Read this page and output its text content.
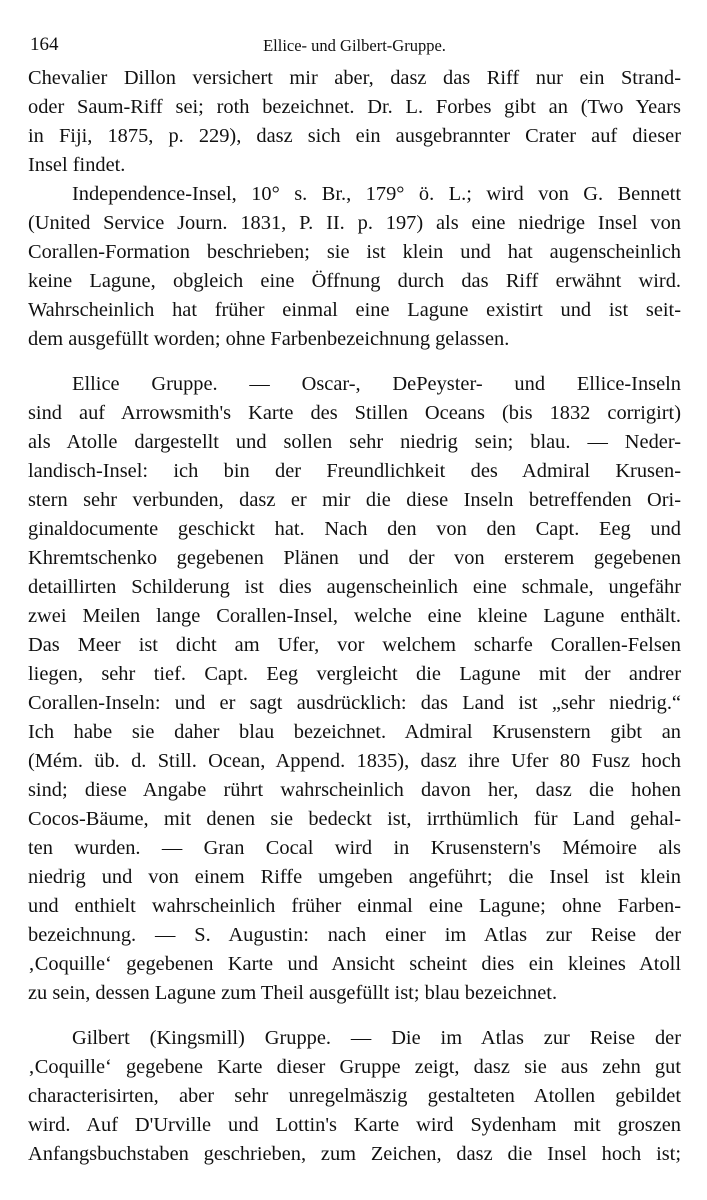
164	Ellice- und Gilbert-Gruppe.
Chevalier Dillon versichert mir aber, dasz das Riff nur ein Strand-
oder Saum-Riff sei; roth bezeichnet. Dr. L. Forbes gibt an (Two Years
in Fiji, 1875, p. 229), dasz sich ein ausgebrannter Crater auf dieser
Insel findet.
Independence-Insel, 10° s. Br., 179° ö. L.; wird von G. Bennett
(United Service Journ. 1831, P. II. p. 197) als eine niedrige Insel von
Corallen-Formation beschrieben; sie ist klein und hat augenscheinlich
keine Lagune, obgleich eine Öffnung durch das Riff erwähnt wird.
Wahrscheinlich hat früher einmal eine Lagune existirt und ist seit-
dem ausgefüllt worden; ohne Farbenbezeichnung gelassen.
Ellice Gruppe. — Oscar-, DePeyster- und Ellice-Inseln
sind auf Arrowsmith's Karte des Stillen Oceans (bis 1832 corrigirt)
als Atolle dargestellt und sollen sehr niedrig sein; blau. — Neder-
landisch-Insel: ich bin der Freundlichkeit des Admiral Krusen-
stern sehr verbunden, dasz er mir die diese Inseln betreffenden Ori-
ginaldocumente geschickt hat. Nach den von den Capt. Eeg und
Khremtschenko gegebenen Plänen und der von ersterem gegebenen
detaillirten Schilderung ist dies augenscheinlich eine schmale, ungefähr
zwei Meilen lange Corallen-Insel, welche eine kleine Lagune enthält.
Das Meer ist dicht am Ufer, vor welchem scharfe Corallen-Felsen
liegen, sehr tief. Capt. Eeg vergleicht die Lagune mit der andrer
Corallen-Inseln: und er sagt ausdrücklich: das Land ist „sehr niedrig.“
Ich habe sie daher blau bezeichnet. Admiral Krusenstern gibt an
(Mém. üb. d. Still. Ocean, Append. 1835), dasz ihre Ufer 80 Fusz hoch
sind; diese Angabe rührt wahrscheinlich davon her, dasz die hohen
Cocos-Bäume, mit denen sie bedeckt ist, irrthümlich für Land gehal-
ten wurden. — Gran Cocal wird in Krusenstern's Mémoire als
niedrig und von einem Riffe umgeben angeführt; die Insel ist klein
und enthielt wahrscheinlich früher einmal eine Lagune; ohne Farben-
bezeichnung. — S. Augustin: nach einer im Atlas zur Reise der
‚Coquille‘ gegebenen Karte und Ansicht scheint dies ein kleines Atoll
zu sein, dessen Lagune zum Theil ausgefüllt ist; blau bezeichnet.
Gilbert (Kingsmill) Gruppe. — Die im Atlas zur Reise der
‚Coquille‘ gegebene Karte dieser Gruppe zeigt, dasz sie aus zehn gut
characterisirten, aber sehr unregelmäszig gestalteten Atollen gebildet
wird. Auf D'Urville und Lottin's Karte wird Sydenham mit groszen
Anfangsbuchstaben geschrieben, zum Zeichen, dasz die Insel hoch ist;
